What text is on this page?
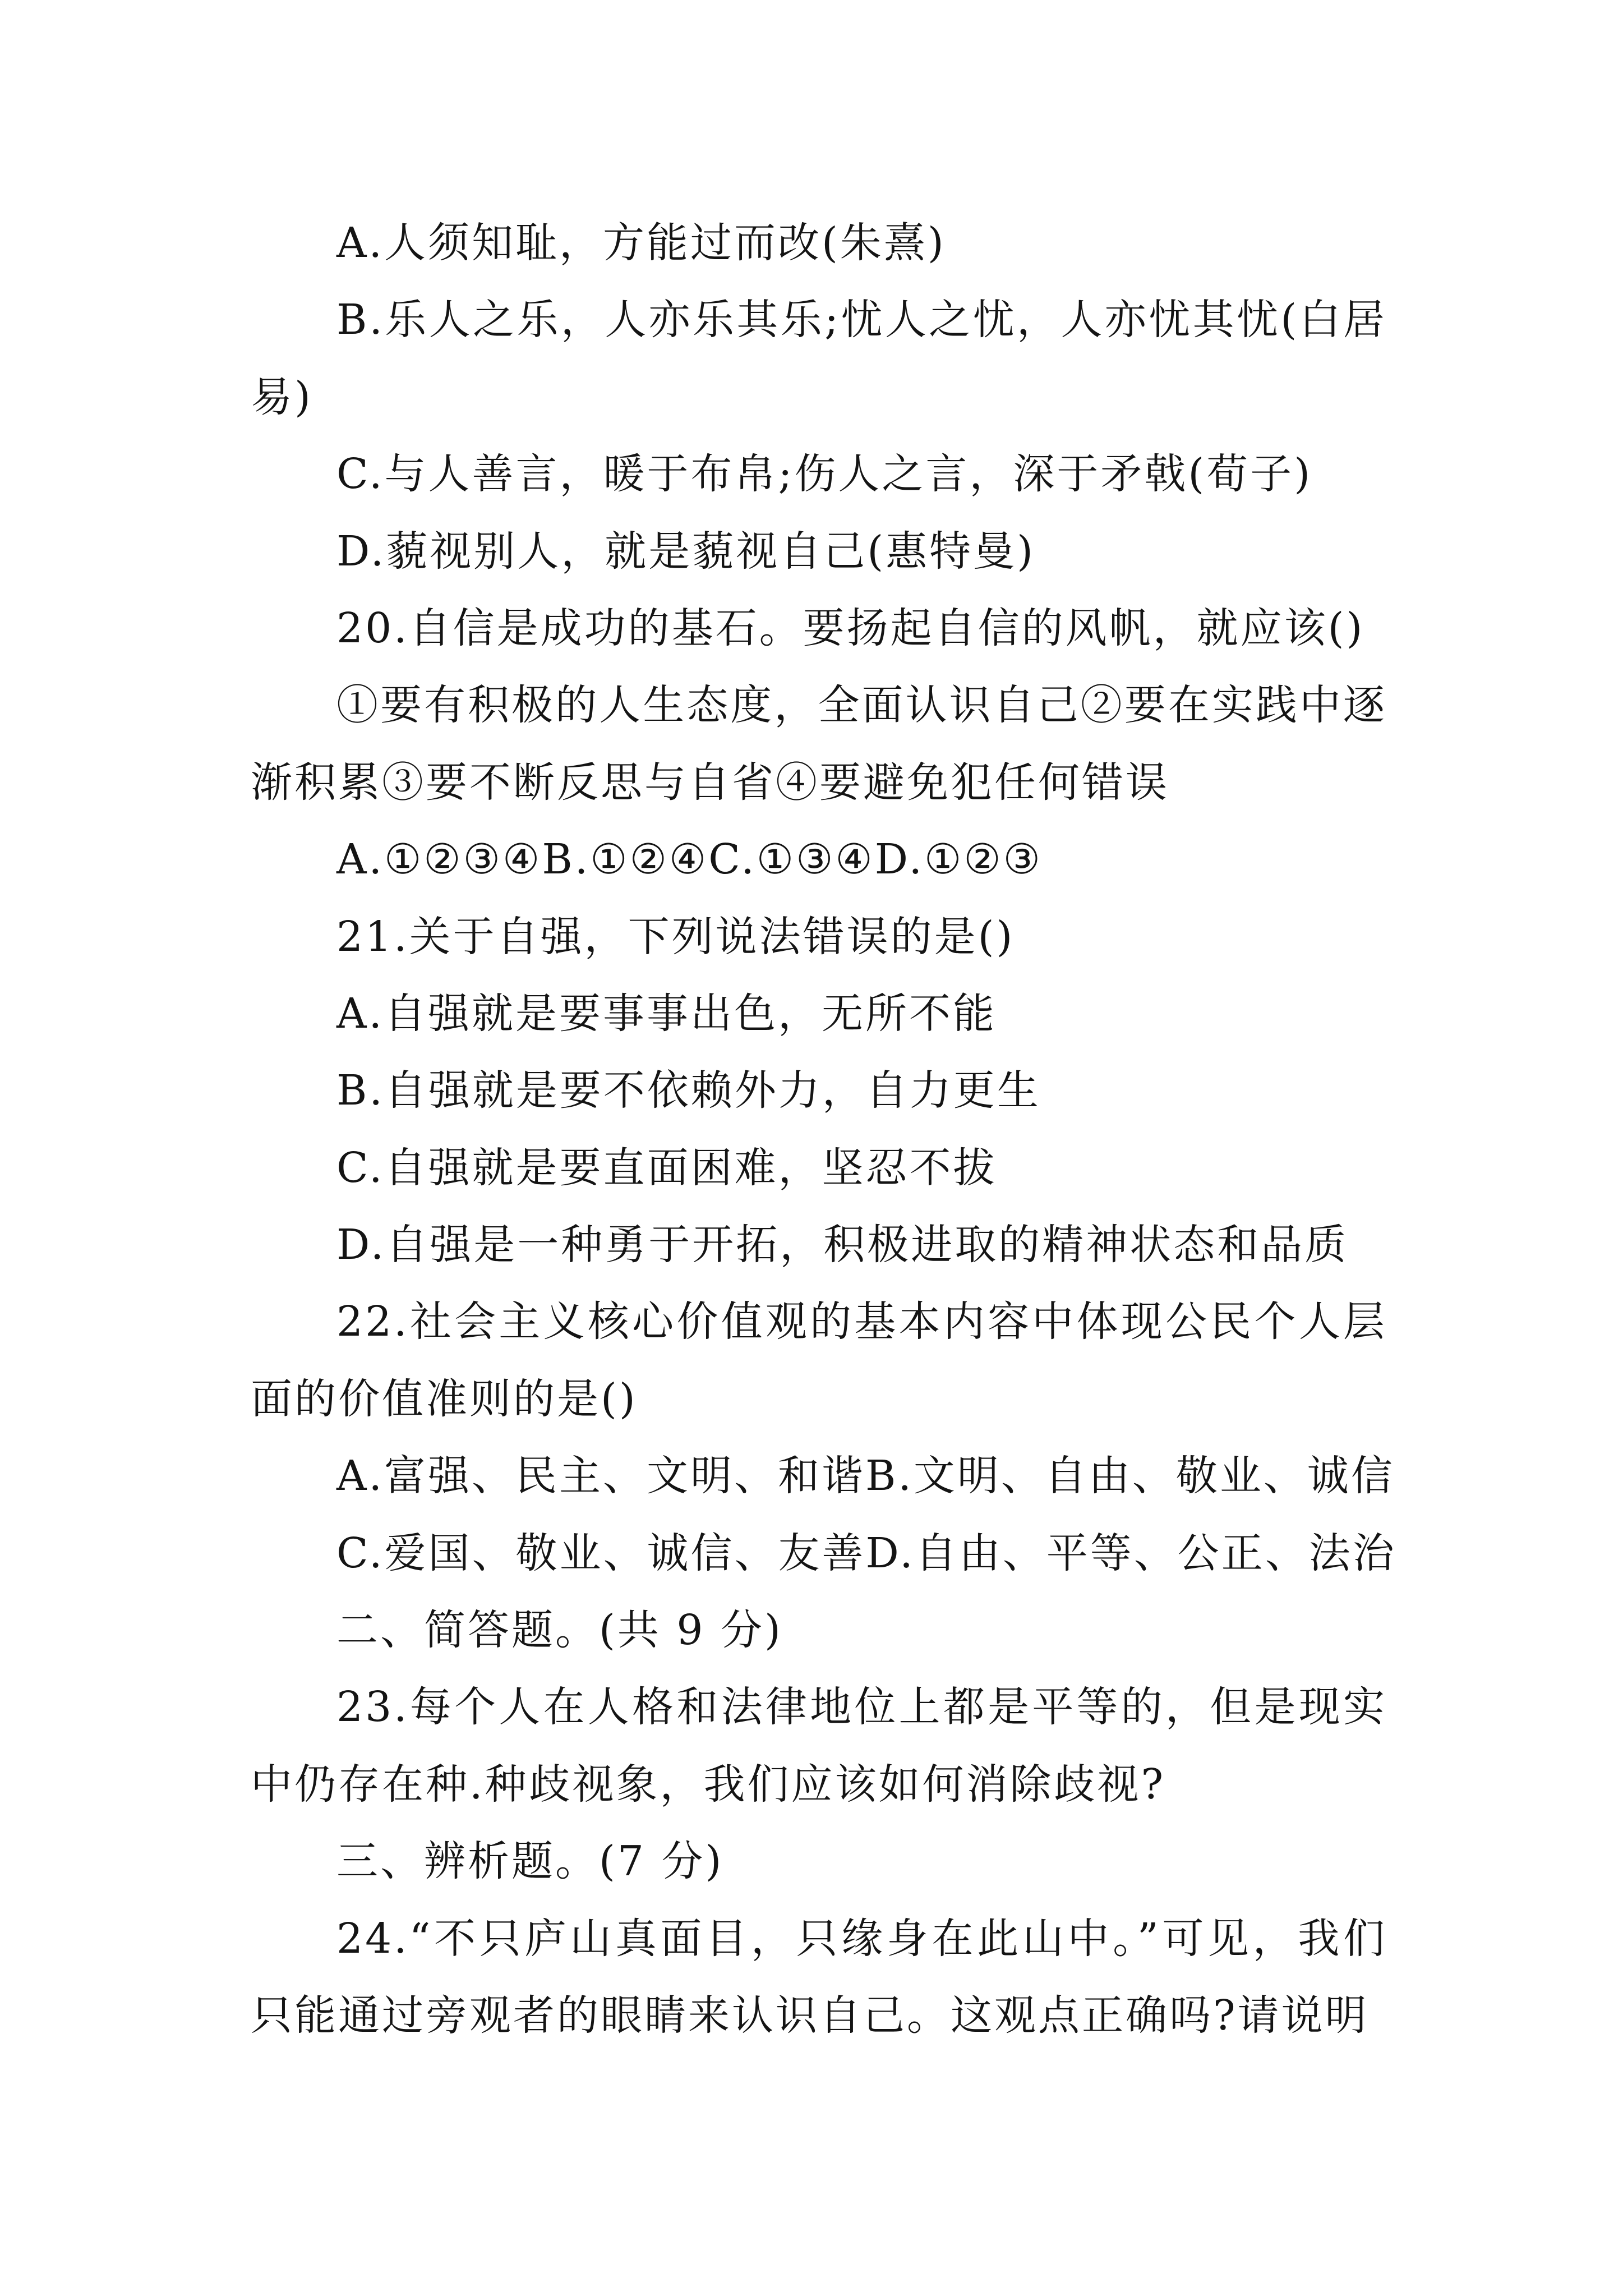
A.人须知耻，方能过而改(朱熹)
B.乐人之乐，人亦乐其乐;忧人之忧，人亦忧其忧(白居
易)
C.与人善言，暖于布帛;伤人之言，深于矛戟(荀子)
D.藐视别人，就是藐视自己(惠特曼)
20.自信是成功的基石。要扬起自信的风帆，就应该()
①要有积极的人生态度，全面认识自己②要在实践中逐
渐积累③要不断反思与自省④要避免犯任何错误
A.①②③④B.①②④C.①③④D.①②③
21.关于自强，下列说法错误的是()
A.自强就是要事事出色，无所不能
B.自强就是要不依赖外力，自力更生
C.自强就是要直面困难，坚忍不拔
D.自强是一种勇于开拓，积极进取的精神状态和品质
22.社会主义核心价值观的基本内容中体现公民个人层
面的价值准则的是()
A.富强、民主、文明、和谐B.文明、自由、敬业、诚信
C.爱国、敬业、诚信、友善D.自由、平等、公正、法治
二、简答题。(共 9 分)
23.每个人在人格和法律地位上都是平等的，但是现实
中仍存在种.种歧视象，我们应该如何消除歧视?
三、辨析题。(7 分)
24.“不只庐山真面目，只缘身在此山中。”可见，我们
只能通过旁观者的眼睛来认识自己。这观点正确吗?请说明
